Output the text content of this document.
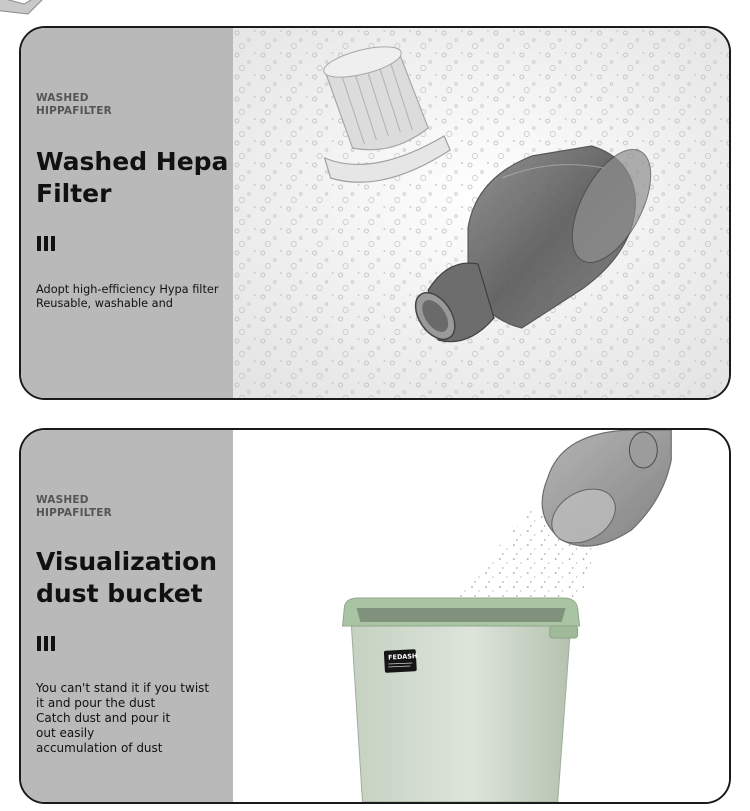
WASHED
HIPPAFILTER
Washed Hepa
Filter

Adopt high-efficiency Hypa filter
Reusable, washable and

WASHED
HIPPAFILTER
Visualization
dust bucket

You can't stand it if you twist
it and pour the dust
Catch dust and pour it
out easily
accumulation of dust

FEDASH
